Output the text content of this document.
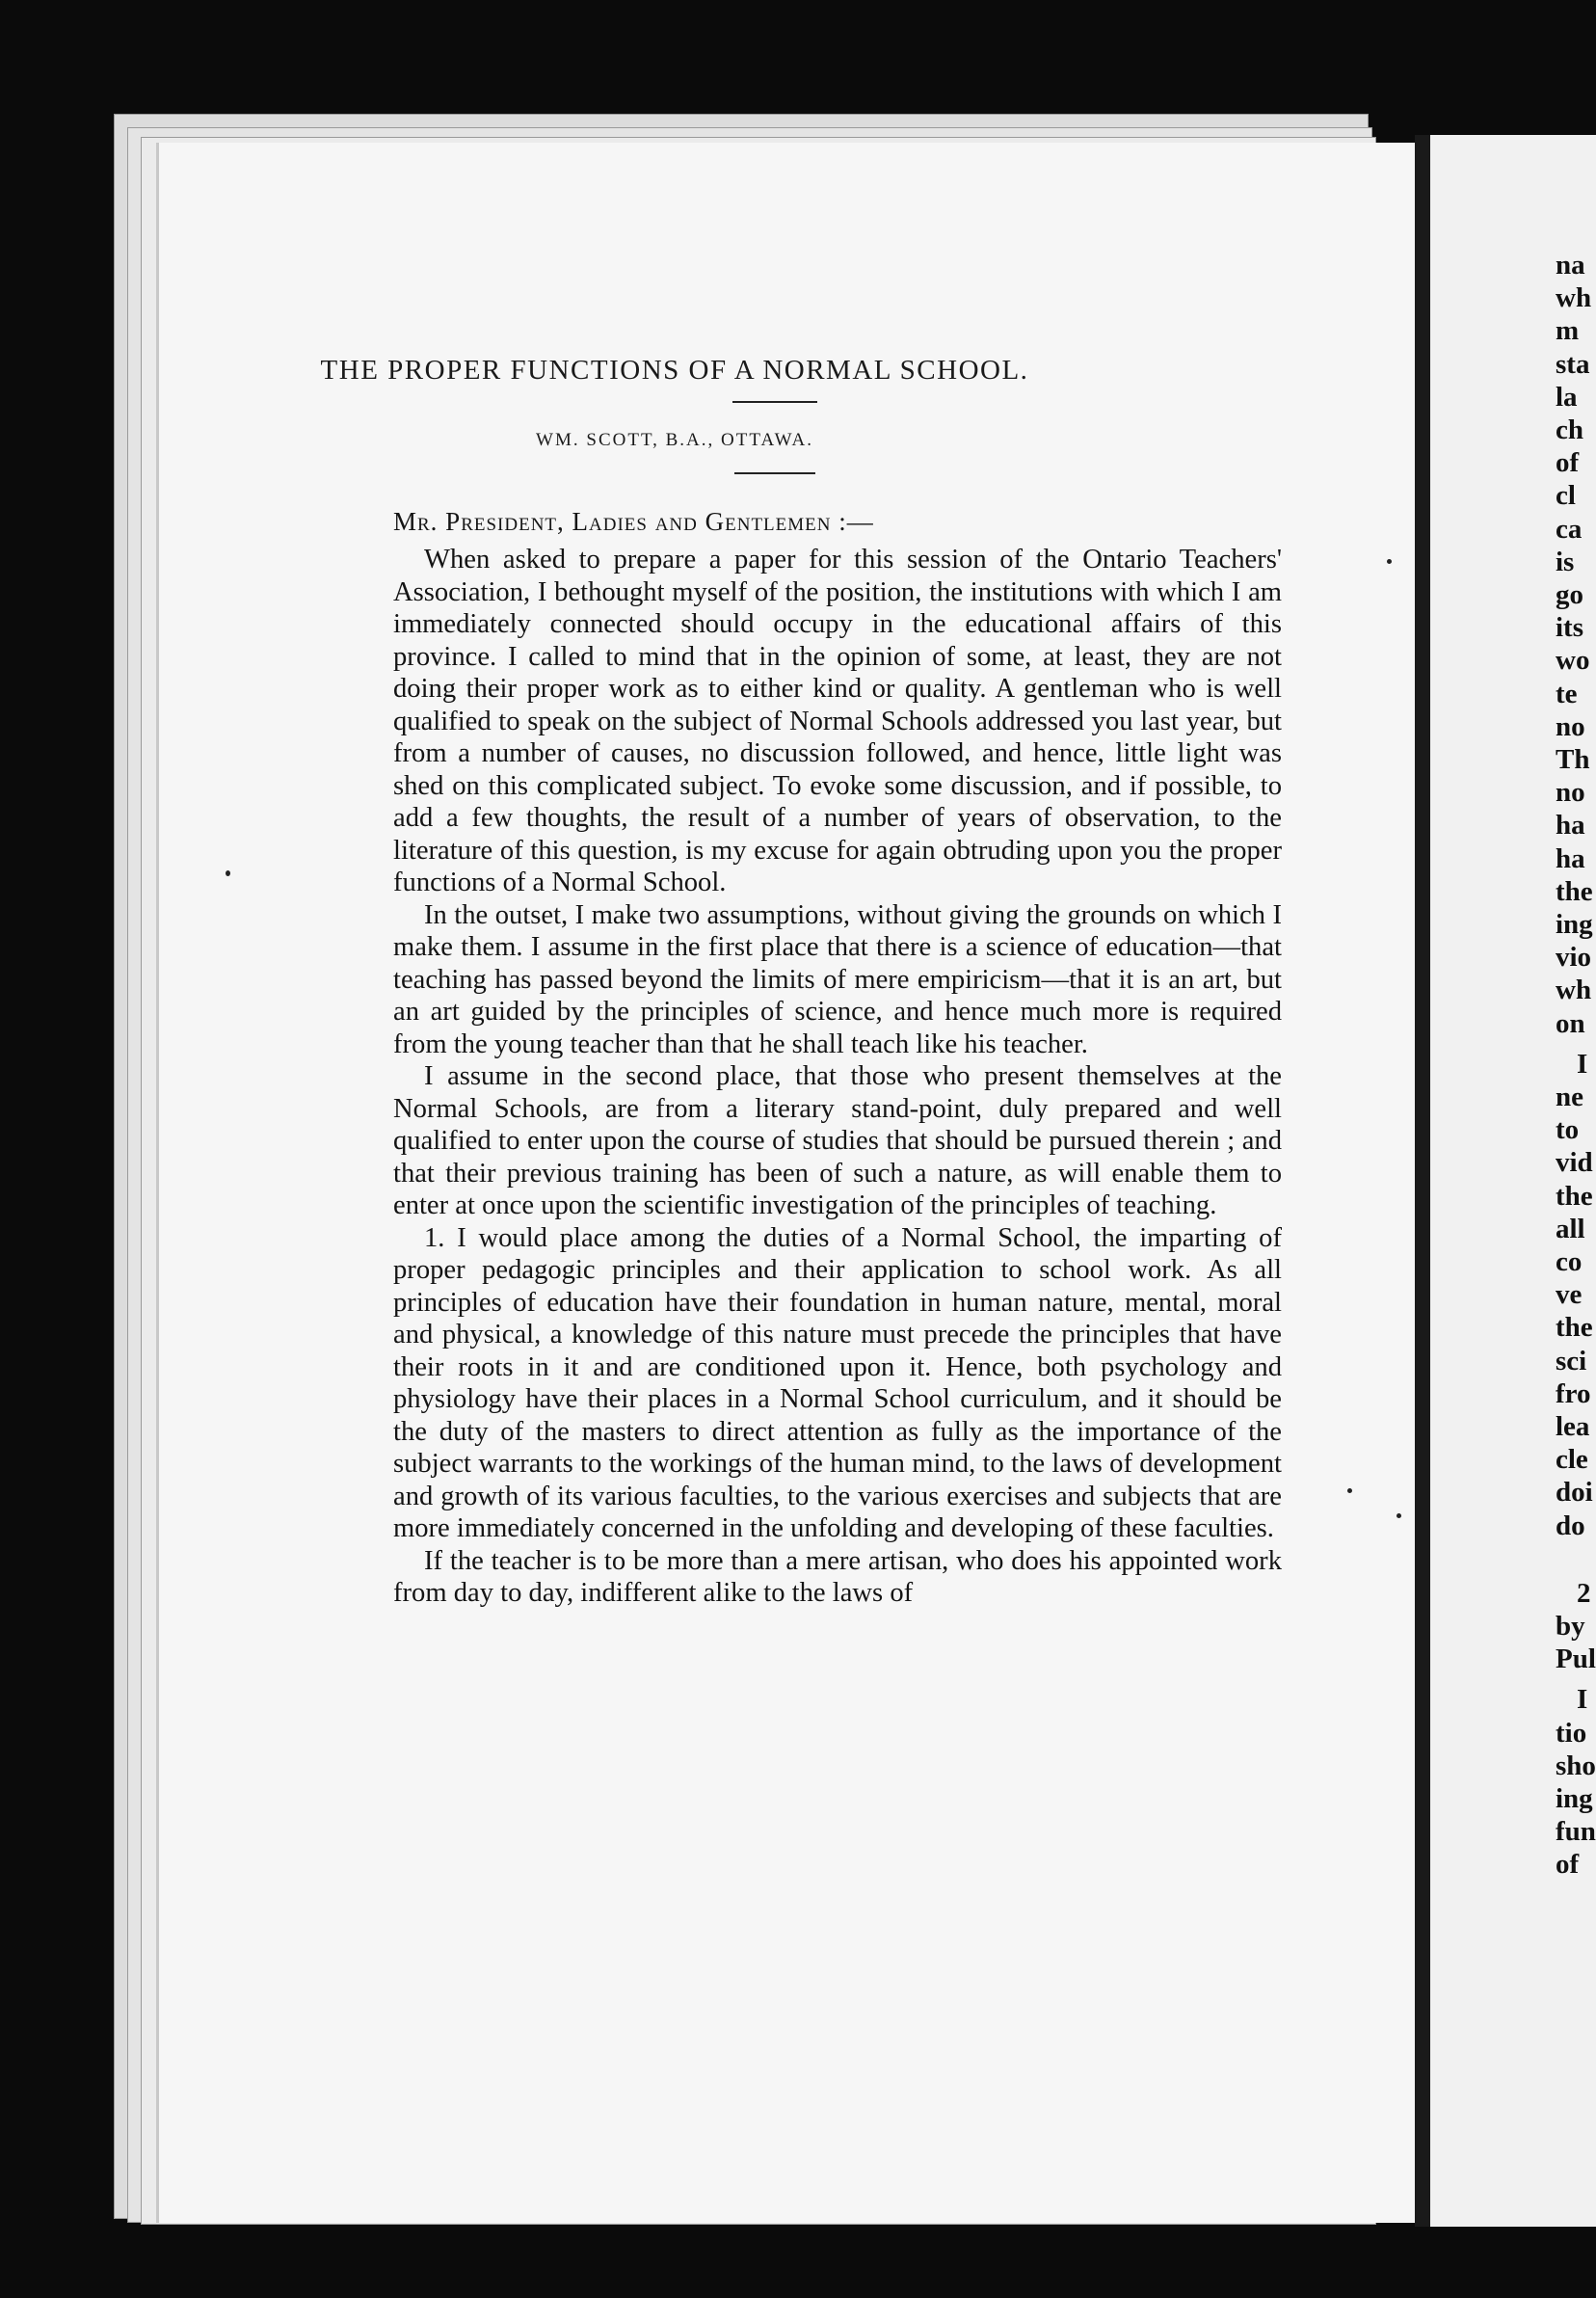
THE PROPER FUNCTIONS OF A NORMAL SCHOOL.
WM. SCOTT, B.A., OTTAWA.
Mr. President, Ladies and Gentlemen :—

When asked to prepare a paper for this session of the Ontario Teachers' Association, I bethought myself of the position, the institutions with which I am immediately connected should occupy in the educational affairs of this province. I called to mind that in the opinion of some, at least, they are not doing their proper work as to either kind or quality. A gentleman who is well qualified to speak on the subject of Normal Schools addressed you last year, but from a number of causes, no discussion followed, and hence, little light was shed on this complicated subject. To evoke some discussion, and if possible, to add a few thoughts, the result of a number of years of observation, to the literature of this question, is my excuse for again obtruding upon you the proper functions of a Normal School.

In the outset, I make two assumptions, without giving the grounds on which I make them. I assume in the first place that there is a science of education—that teaching has passed beyond the limits of mere empiricism—that it is an art, but an art guided by the principles of science, and hence much more is required from the young teacher than that he shall teach like his teacher.

I assume in the second place, that those who present themselves at the Normal Schools, are from a literary stand-point, duly prepared and well qualified to enter upon the course of studies that should be pursued therein ; and that their previous training has been of such a nature, as will enable them to enter at once upon the scientific investigation of the principles of teaching.

1. I would place among the duties of a Normal School, the imparting of proper pedagogic principles and their application to school work. As all principles of education have their foundation in human nature, mental, moral and physical, a knowledge of this nature must precede the principles that have their roots in it and are conditioned upon it. Hence, both psychology and physiology have their places in a Normal School curriculum, and it should be the duty of the masters to direct attention as fully as the importance of the subject warrants to the workings of the human mind, to the laws of development and growth of its various faculties, to the various exercises and subjects that are more immediately concerned in the unfolding and developing of these faculties.

If the teacher is to be more than a mere artisan, who does his appointed work from day to day, indifferent alike to the laws of

na
wh
m
sta
la
ch
of
cl
ca
is
go
its
wo
te
no
Th
no
ha
ha
the
ing
vio
wh
on
I
ne
to
vid
the
all
co
ve
the
sci
fro
lea
cle
doi
do
2
by
Pul
I
tio
sho
ing
fun
of
